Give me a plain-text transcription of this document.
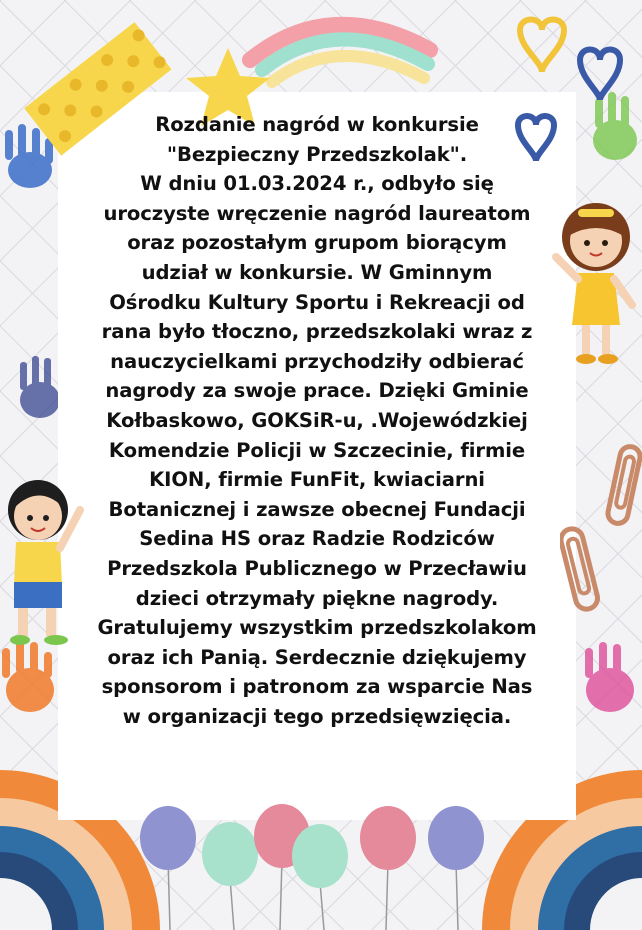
Rozdanie nagród w konkursie

"Bezpieczny Przedszkolak".

W dniu 01.03.2024 r., odbyło się

uroczyste wręczenie nagród laureatom

oraz pozostałym grupom biorącym

udział w konkursie. W Gminnym

Ośrodku Kultury Sportu i Rekreacji od

rana było tłoczno, przedszkolaki wraz z

nauczycielkami przychodziły odbierać

nagrody za swoje prace. Dzięki Gminie

Kołbaskowo, GOKSiR-u, .Wojewódzkiej

Komendzie Policji w Szczecinie, firmie

KION, firmie FunFit, kwiaciarni

Botanicznej i zawsze obecnej Fundacji

Sedina HS oraz Radzie Rodziców

Przedszkola Publicznego w Przecławiu

dzieci otrzymały piękne nagrody.

Gratulujemy wszystkim przedszkolakom

oraz ich Panią. Serdecznie dziękujemy

sponsorom i patronom za wsparcie Nas

w organizacji tego przedsięwzięcia.
